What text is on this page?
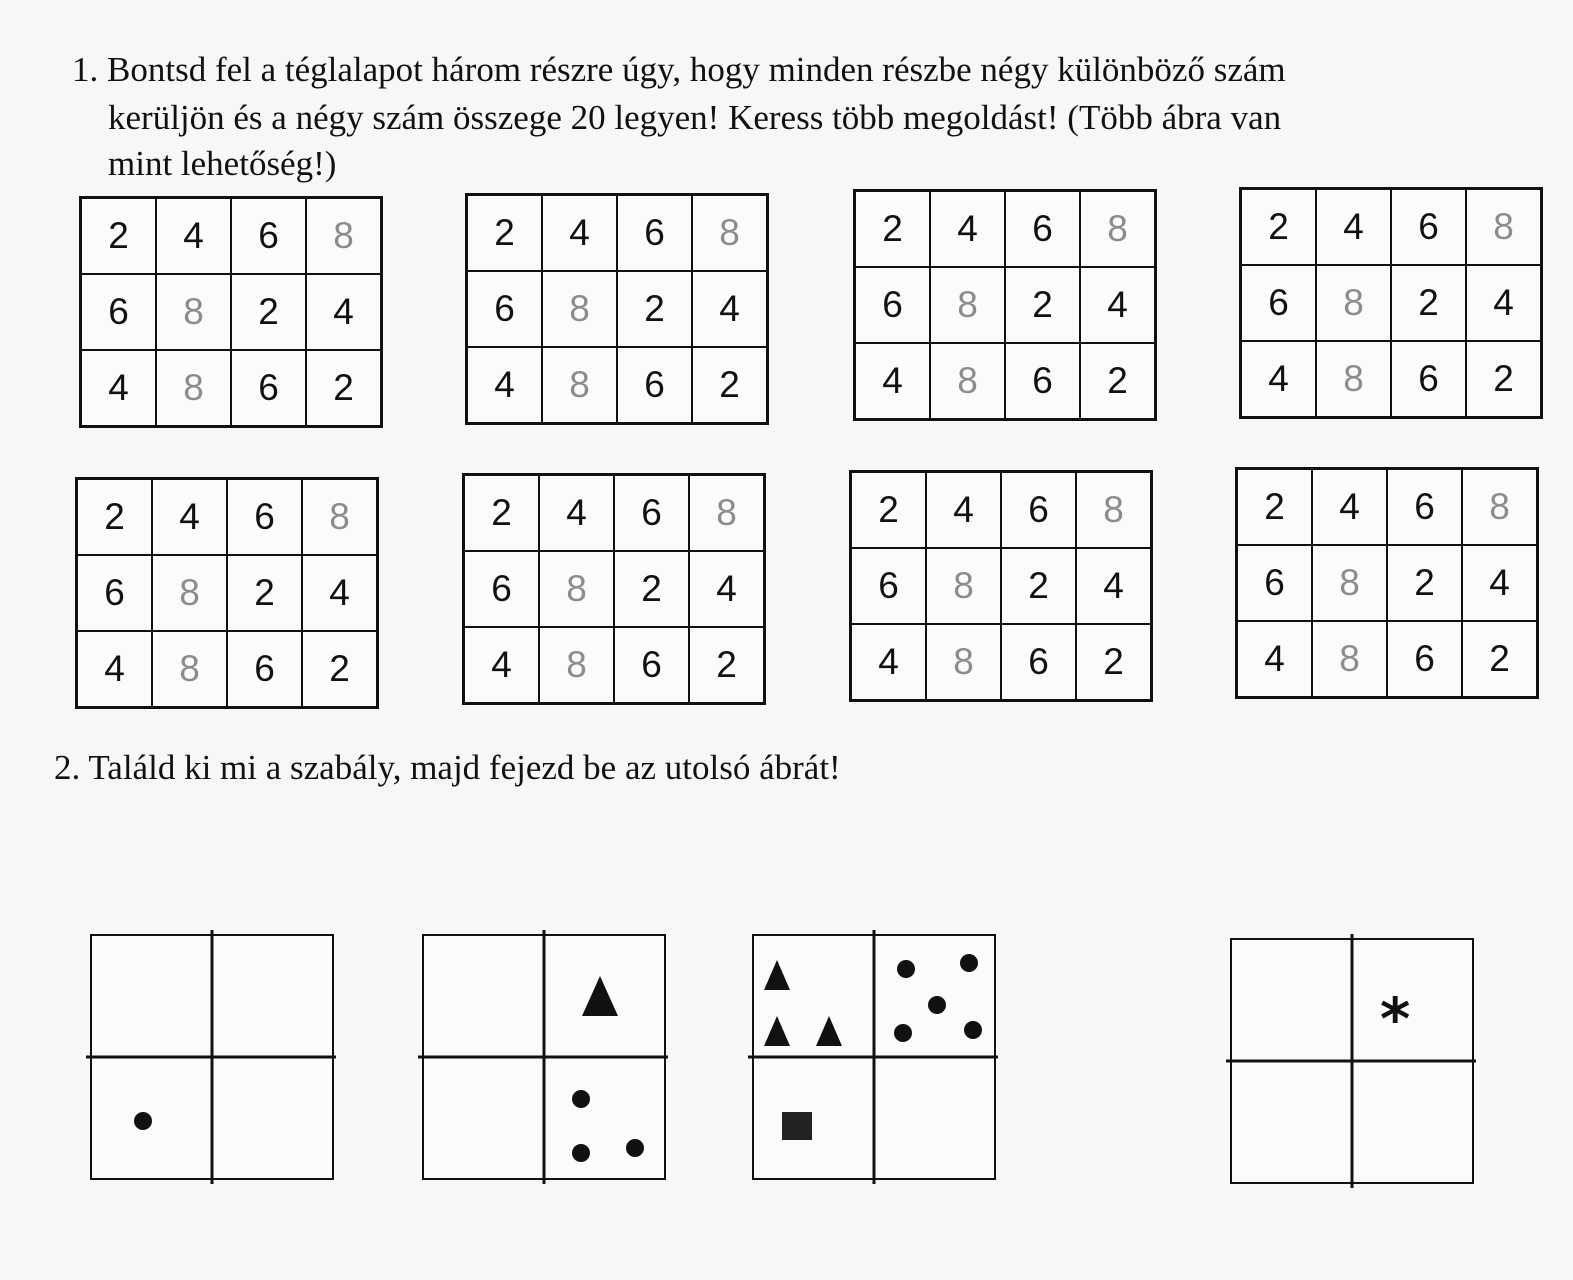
1. Bontsd fel a téglalapot három részre úgy, hogy minden részbe négy különböző szám

kerüljön és a négy szám összege 20 legyen! Keress több megoldást! (Több ábra van

mint lehetőség!)

2	4	6	8
6	8	2	4
4	8	6	2
2	4	6	8
6	8	2	4
4	8	6	2
2	4	6	8
6	8	2	4
4	8	6	2
2	4	6	8
6	8	2	4
4	8	6	2
2	4	6	8
6	8	2	4
4	8	6	2
2	4	6	8
6	8	2	4
4	8	6	2
2	4	6	8
6	8	2	4
4	8	6	2
2	4	6	8
6	8	2	4
4	8	6	2

2. Találd ki mi a szabály, majd fejezd be az utolsó ábrát!

*
